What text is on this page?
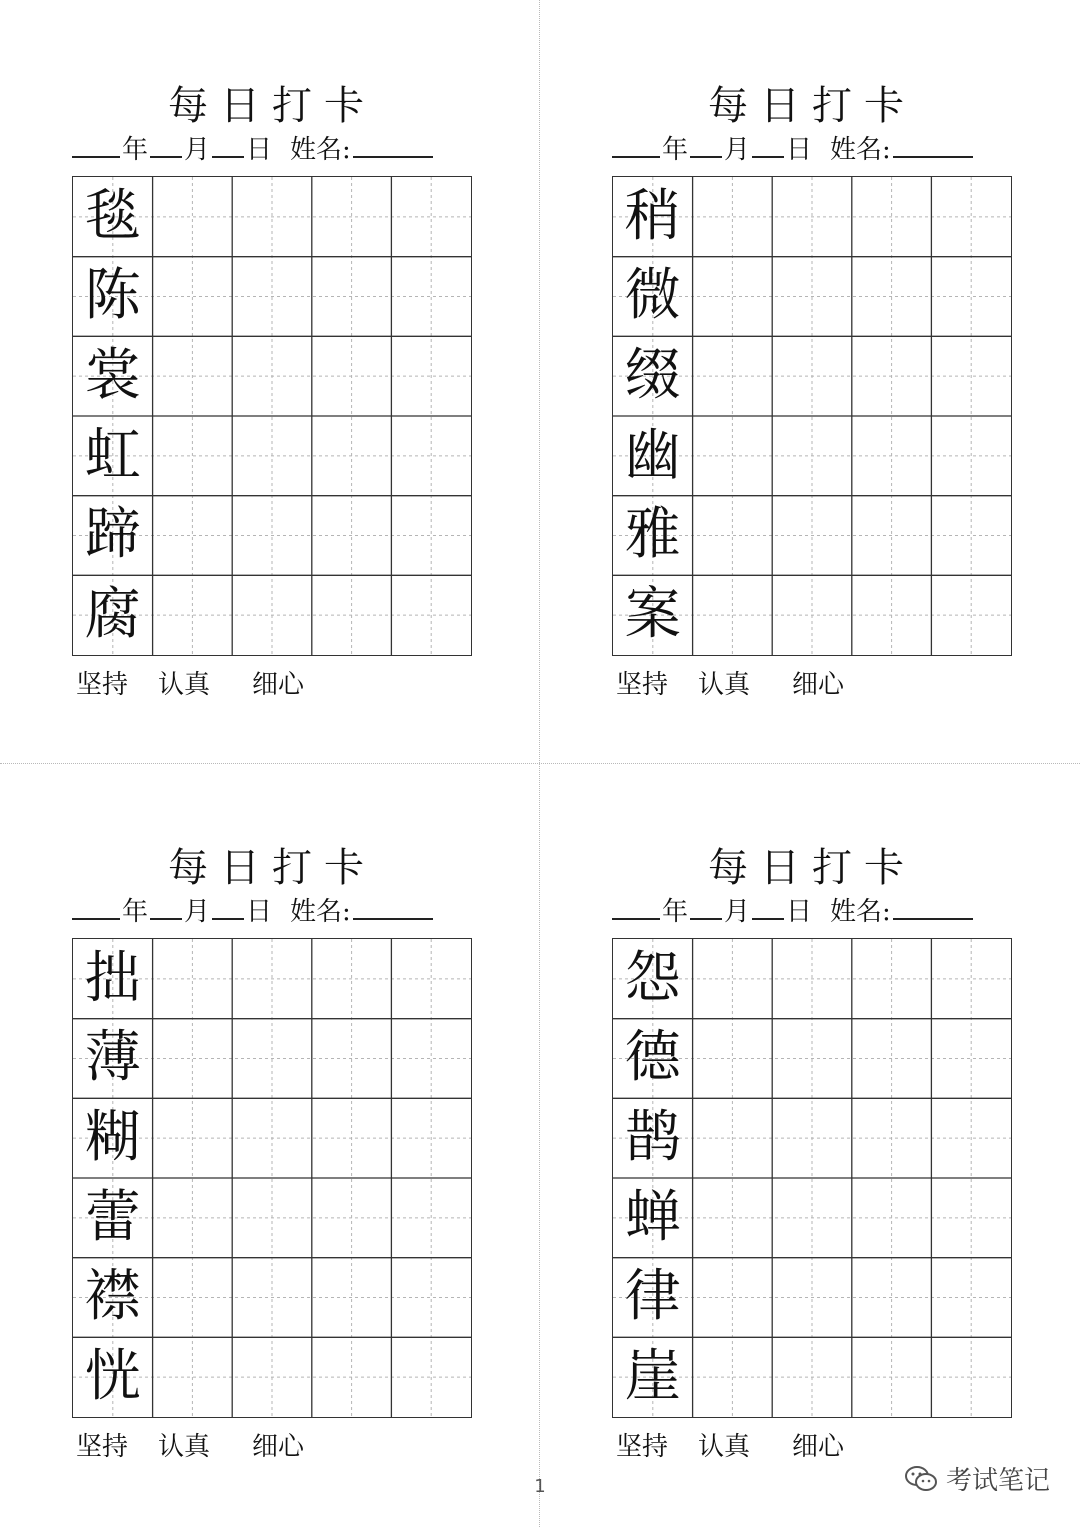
每日打卡
年 月 日 姓名:
毯
陈
裳
虹
蹄
腐
坚持 认真 细心
每日打卡
年 月 日 姓名:
稍
微
缀
幽
雅
案
坚持 认真 细心
每日打卡
年 月 日 姓名:
拙
薄
糊
蕾
襟
恍
坚持 认真 细心
每日打卡
年 月 日 姓名:
怨
德
鹊
蝉
律
崖
坚持 认真 细心
1	考试笔记
